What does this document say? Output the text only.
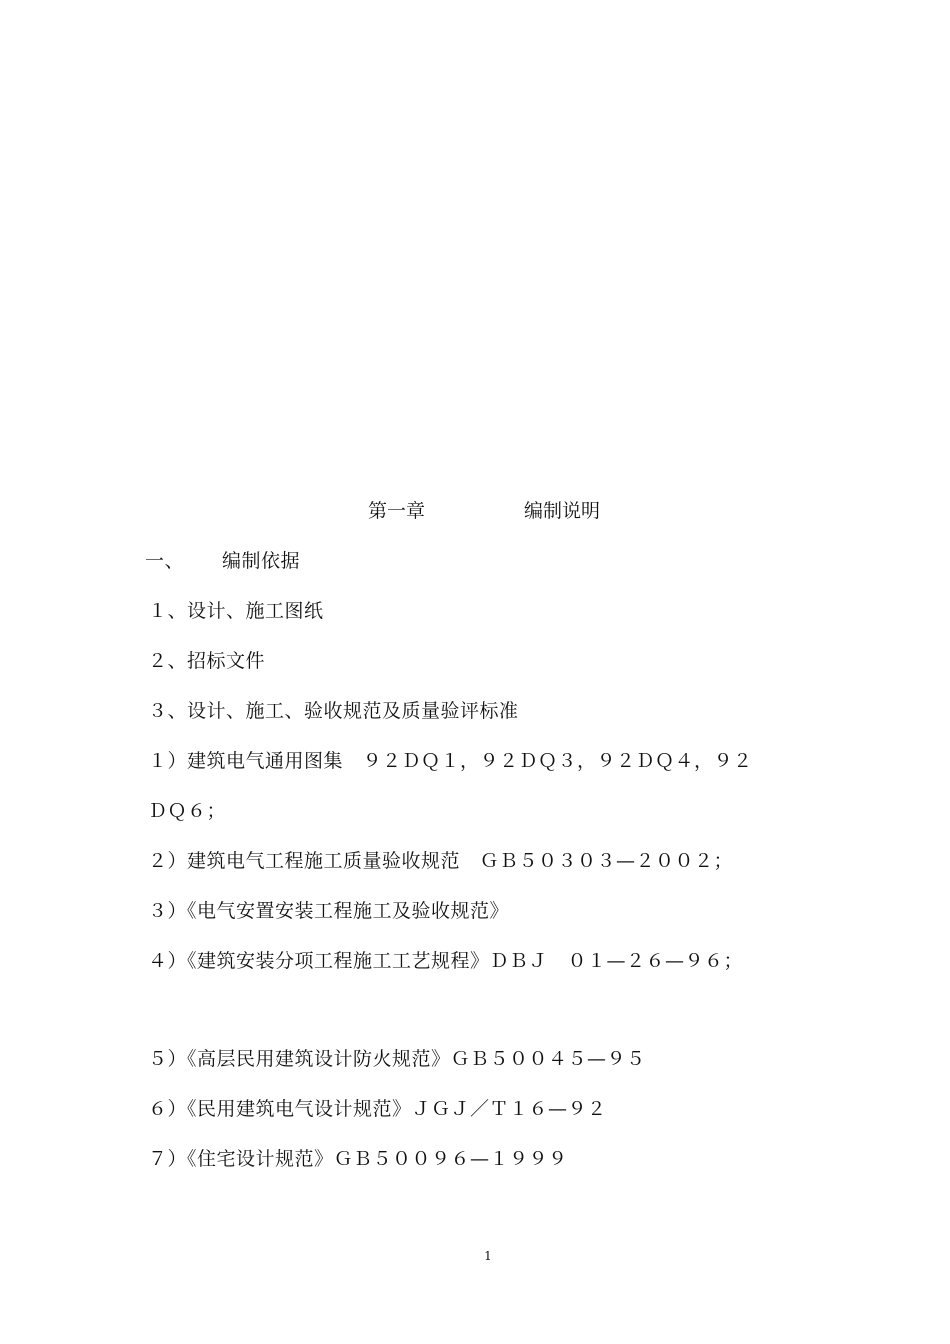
第一章	编制说明
一、 编制依据
１、设计、施工图纸
２、招标文件
３、设计、施工、验收规范及质量验评标准
１）建筑电气通用图集　９２ＤＱ１，９２ＤＱ３，９２ＤＱ４，９２
ＤＱ６；
２）建筑电气工程施工质量验收规范　ＧＢ５０３０３—２００２；
３）《电气安置安装工程施工及验收规范》
４）《建筑安装分项工程施工工艺规程》ＤＢＪ　０１—２６—９６；
５）《高层民用建筑设计防火规范》ＧＢ５００４５—９５
６）《民用建筑电气设计规范》ＪＧＪ／Ｔ１６—９２
７）《住宅设计规范》ＧＢ５００９６—１９９９
1
